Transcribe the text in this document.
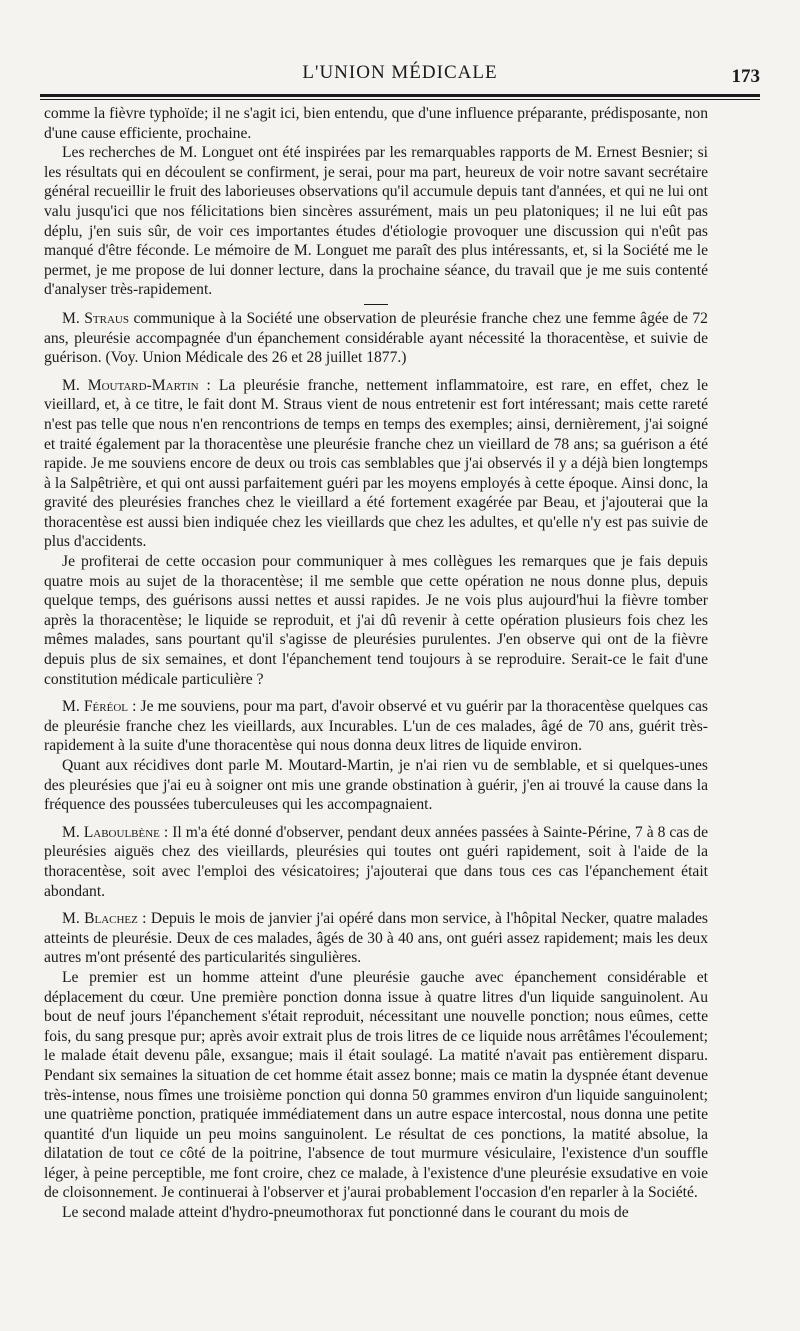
L'UNION MÉDICALE	173

comme la fièvre typhoïde; il ne s'agit ici, bien entendu, que d'une influence préparante, prédisposante, non d'une cause efficiente, prochaine.

Les recherches de M. Longuet ont été inspirées par les remarquables rapports de M. Ernest Besnier; si les résultats qui en découlent se confirment, je serai, pour ma part, heureux de voir notre savant secrétaire général recueillir le fruit des laborieuses observations qu'il accumule depuis tant d'années, et qui ne lui ont valu jusqu'ici que nos félicitations bien sincères assurément, mais un peu platoniques; il ne lui eût pas déplu, j'en suis sûr, de voir ces importantes études d'étiologie provoquer une discussion qui n'eût pas manqué d'être féconde. Le mémoire de M. Longuet me paraît des plus intéressants, et, si la Société me le permet, je me propose de lui donner lecture, dans la prochaine séance, du travail que je me suis contenté d'analyser très-rapidement.

M. Straus communique à la Société une observation de pleurésie franche chez une femme âgée de 72 ans, pleurésie accompagnée d'un épanchement considérable ayant nécessité la thoracentèse, et suivie de guérison. (Voy. Union Médicale des 26 et 28 juillet 1877.)

M. Moutard-Martin : La pleurésie franche, nettement inflammatoire, est rare, en effet, chez le vieillard, et, à ce titre, le fait dont M. Straus vient de nous entretenir est fort intéressant; mais cette rareté n'est pas telle que nous n'en rencontrions de temps en temps des exemples; ainsi, dernièrement, j'ai soigné et traité également par la thoracentèse une pleurésie franche chez un vieillard de 78 ans; sa guérison a été rapide. Je me souviens encore de deux ou trois cas semblables que j'ai observés il y a déjà bien longtemps à la Salpêtrière, et qui ont aussi parfaitement guéri par les moyens employés à cette époque. Ainsi donc, la gravité des pleurésies franches chez le vieillard a été fortement exagérée par Beau, et j'ajouterai que la thoracentèse est aussi bien indiquée chez les vieillards que chez les adultes, et qu'elle n'y est pas suivie de plus d'accidents.

Je profiterai de cette occasion pour communiquer à mes collègues les remarques que je fais depuis quatre mois au sujet de la thoracentèse; il me semble que cette opération ne nous donne plus, depuis quelque temps, des guérisons aussi nettes et aussi rapides. Je ne vois plus aujourd'hui la fièvre tomber après la thoracentèse; le liquide se reproduit, et j'ai dû revenir à cette opération plusieurs fois chez les mêmes malades, sans pourtant qu'il s'agisse de pleurésies purulentes. J'en observe qui ont de la fièvre depuis plus de six semaines, et dont l'épanchement tend toujours à se reproduire. Serait-ce le fait d'une constitution médicale particulière ?

M. Féréol : Je me souviens, pour ma part, d'avoir observé et vu guérir par la thoracentèse quelques cas de pleurésie franche chez les vieillards, aux Incurables. L'un de ces malades, âgé de 70 ans, guérit très-rapidement à la suite d'une thoracentèse qui nous donna deux litres de liquide environ.

Quant aux récidives dont parle M. Moutard-Martin, je n'ai rien vu de semblable, et si quelques-unes des pleurésies que j'ai eu à soigner ont mis une grande obstination à guérir, j'en ai trouvé la cause dans la fréquence des poussées tuberculeuses qui les accompagnaient.

M. Laboulbène : Il m'a été donné d'observer, pendant deux années passées à Sainte-Périne, 7 à 8 cas de pleurésies aiguës chez des vieillards, pleurésies qui toutes ont guéri rapidement, soit à l'aide de la thoracentèse, soit avec l'emploi des vésicatoires; j'ajouterai que dans tous ces cas l'épanchement était abondant.

M. Blachez : Depuis le mois de janvier j'ai opéré dans mon service, à l'hôpital Necker, quatre malades atteints de pleurésie. Deux de ces malades, âgés de 30 à 40 ans, ont guéri assez rapidement; mais les deux autres m'ont présenté des particularités singulières.

Le premier est un homme atteint d'une pleurésie gauche avec épanchement considérable et déplacement du cœur. Une première ponction donna issue à quatre litres d'un liquide sanguinolent. Au bout de neuf jours l'épanchement s'était reproduit, nécessitant une nouvelle ponction; nous eûmes, cette fois, du sang presque pur; après avoir extrait plus de trois litres de ce liquide nous arrêtâmes l'écoulement; le malade était devenu pâle, exsangue; mais il était soulagé. La matité n'avait pas entièrement disparu. Pendant six semaines la situation de cet homme était assez bonne; mais ce matin la dyspnée étant devenue très-intense, nous fîmes une troisième ponction qui donna 50 grammes environ d'un liquide sanguinolent; une quatrième ponction, pratiquée immédiatement dans un autre espace intercostal, nous donna une petite quantité d'un liquide un peu moins sanguinolent. Le résultat de ces ponctions, la matité absolue, la dilatation de tout ce côté de la poitrine, l'absence de tout murmure vésiculaire, l'existence d'un souffle léger, à peine perceptible, me font croire, chez ce malade, à l'existence d'une pleurésie exsudative en voie de cloisonnement. Je continuerai à l'observer et j'aurai probablement l'occasion d'en reparler à la Société.

Le second malade atteint d'hydro-pneumothorax fut ponctionné dans le courant du mois de
